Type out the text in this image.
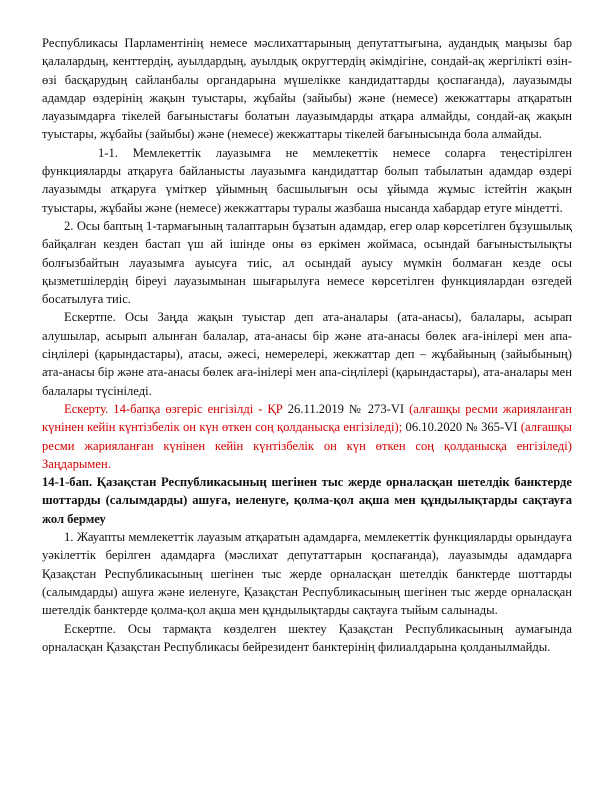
Республикасы Парламентінің немесе мәслихаттарының депутаттығына, аудандық маңызы бар қалалардың, кенттердің, ауылдардың, ауылдық округтердің әкімдігіне, сондай-ақ жергілікті өзін-өзі басқарудың сайланбалы органдарына мүшелікке кандидаттарды қоспағанда), лауазымды адамдар өздерінің жақын туыстары, жұбайы (зайыбы) және (немесе) жекжаттары атқаратын лауазымдарға тікелей бағыныстағы болатын лауазымдарды атқара алмайды, сондай-ақ жақын туыстары, жұбайы (зайыбы) және (немесе) жекжаттары тікелей бағынысында бола алмайды.

1-1. Мемлекеттік лауазымға не мемлекеттік немесе соларға теңестірілген функцияларды атқаруға байланысты лауазымға кандидаттар болып табылатын адамдар өздері лауазымды атқаруға үміткер ұйымның басшылығын осы ұйымда жұмыс істейтін жақын туыстары, жұбайы және (немесе) жекжаттары туралы жазбаша нысанда хабардар етуге міндетті.

2. Осы баптың 1-тармағының талаптарын бұзатын адамдар, егер олар көрсетілген бұзушылық байқалған кезден бастап үш ай ішінде оны өз еркімен жоймаса, осындай бағыныстылықты болғызбайтын лауазымға ауысуға тиіс, ал осындай ауысу мүмкін болмаған кезде осы қызметшілердің біреуі лауазымынан шығарылуға немесе көрсетілген функциялардан өзгедей босатылуға тиіс.

Ескертпе. Осы Заңда жақын туыстар деп ата-аналары (ата-анасы), балалары, асырап алушылар, асырып алынған балалар, ата-анасы бір және ата-анасы бөлек аға-інілері мен апа-сіңлілері (қарындастары), атасы, әжесі, немерелері, жекжаттар деп – жұбайының (зайыбының) ата-анасы бір және ата-анасы бөлек аға-інілері мен апа-сіңлілері (қарындастары), ата-аналары мен балалары түсініледі.

Ескерту. 14-бапқа өзгеріс енгізілді - ҚР 26.11.2019 № 273-VI (алғашқы ресми жарияланған күнінен кейін күнтізбелік он күн өткен соң қолданысқа енгізіледі); 06.10.2020 № 365-VI (алғашқы ресми жарияланған күнінен кейін күнтізбелік он күн өткен соң қолданысқа енгізіледі) Заңдарымен.

14-1-бап. Қазақстан Республикасының шегінен тыс жерде орналасқан шетелдік банктерде шоттарды (салымдарды) ашуға, иеленуге, қолма-қол ақша мен құндылықтарды сақтауға жол бермеу

1. Жауапты мемлекеттік лауазым атқаратын адамдарға, мемлекеттік функцияларды орындауға уәкілеттік берілген адамдарға (мәслихат депутаттарын қоспағанда), лауазымды адамдарға Қазақстан Республикасының шегінен тыс жерде орналасқан шетелдік банктерде шоттарды (салымдарды) ашуға және иеленуге, Қазақстан Республикасының шегінен тыс жерде орналасқан шетелдік банктерде қолма-қол ақша мен құндылықтарды сақтауға тыйым салынады.

Ескертпе. Осы тармақта көзделген шектеу Қазақстан Республикасының аумағында орналасқан Қазақстан Республикасы бейрезидент банктерінің филиалдарына қолданылмайды.
